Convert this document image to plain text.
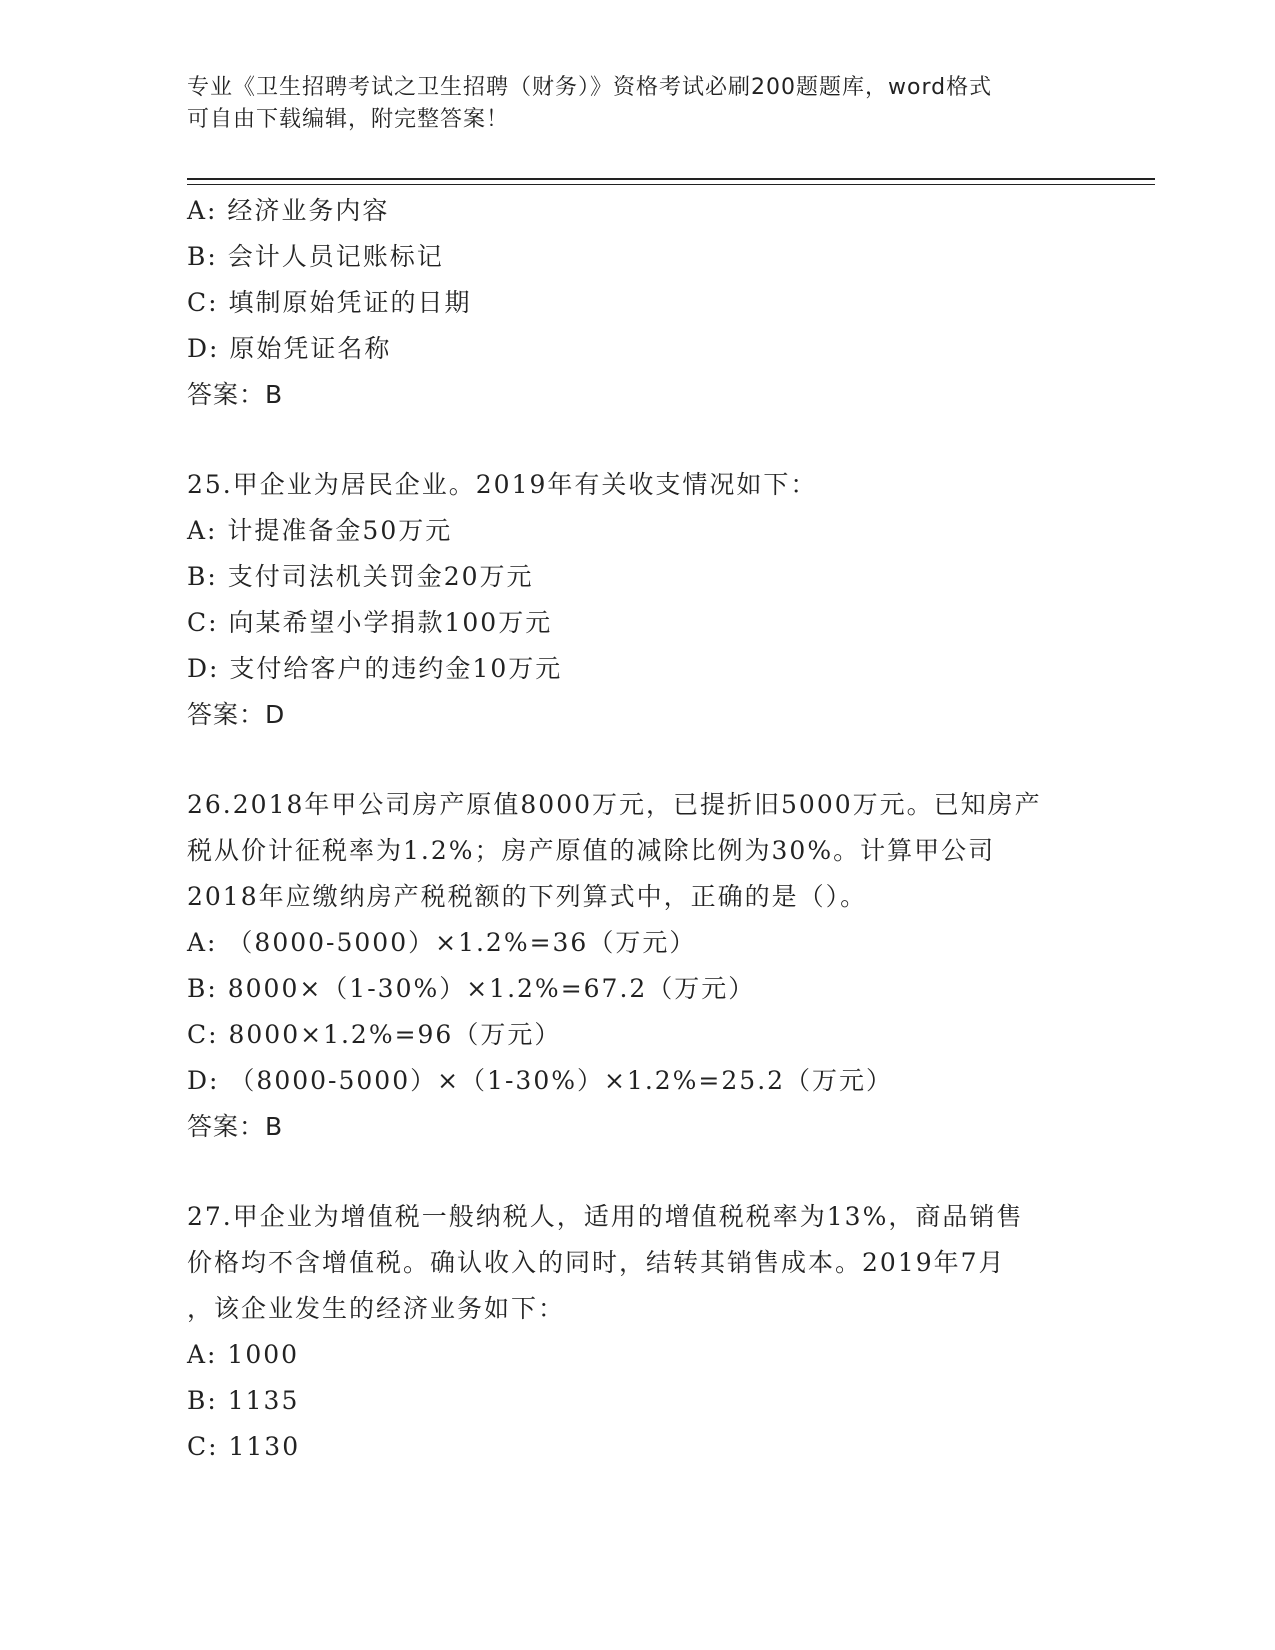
专业《卫生招聘考试之卫生招聘（财务）》资格考试必刷200题题库，word格式
可自由下载编辑，附完整答案！
A: 经济业务内容
B: 会计人员记账标记
C: 填制原始凭证的日期
D: 原始凭证名称
答案：B
25.甲企业为居民企业。2019年有关收支情况如下：
A: 计提准备金50万元
B: 支付司法机关罚金20万元
C: 向某希望小学捐款100万元
D: 支付给客户的违约金10万元
答案：D
26.2018年甲公司房产原值8000万元，已提折旧5000万元。已知房产
税从价计征税率为1.2%；房产原值的减除比例为30%。计算甲公司
2018年应缴纳房产税税额的下列算式中，正确的是（）。
A: （8000-5000）×1.2%=36（万元）
B: 8000×（1-30%）×1.2%=67.2（万元）
C: 8000×1.2%=96（万元）
D: （8000-5000）×（1-30%）×1.2%=25.2（万元）
答案：B
27.甲企业为增值税一般纳税人，适用的增值税税率为13%，商品销售
价格均不含增值税。确认收入的同时，结转其销售成本。2019年7月
，该企业发生的经济业务如下：
A: 1000
B: 1135
C: 1130
